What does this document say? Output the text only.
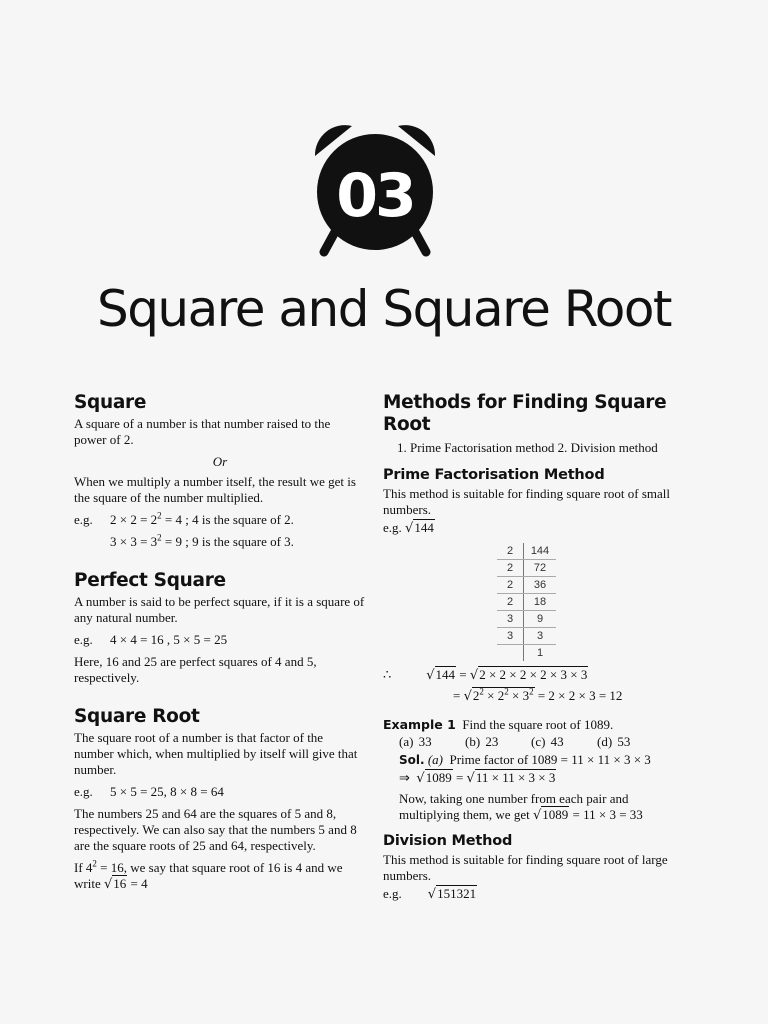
03
Square and Square Root
Square

A square of a number is that number raised to the power of 2.

Or

When we multiply a number itself, the result we get is the square of the number multiplied.

e.g.	$2 \times 2 = 2^2 = 4$ ; 4 is the square of 2.

$3 \times 3 = 3^2 = 9$ ; 9 is the square of 3.

Perfect Square

A number is said to be perfect square, if it is a square of any natural number.

e.g.	4 × 4 = 16 , 5 × 5 = 25

Here, 16 and 25 are perfect squares of 4 and 5, respectively.

Square Root

The square root of a number is that factor of the number which, when multiplied by itself will give that number.

e.g.	5 × 5 = 25, 8 × 8 = 64

The numbers 25 and 64 are the squares of 5 and 8, respectively. We can also say that the numbers 5 and 8 are the square roots of 25 and 64, respectively.

If $4^2 = 16$, we say that square root of 16 is 4 and we write √16 = 4

Methods for Finding Square Root

1. Prime Factorisation method 2. Division method

Prime Factorisation Method

This method is suitable for finding square root of small numbers.

e.g. √144

2	144
2	72
2	36
2	18
3	9
3	3
	1
∴	√144 = √2 × 2 × 2 × 2 × 3 × 3
= $√2^2 \times 2^2 \times 3^2 = 2 \times 2 \times 3 = 12$

Example 1 Find the square root of 1089.

(a) 33	(b) 23	(c) 43	(d) 53

Sol. (a) Prime factor of 1089 = 11 × 11 × 3 × 3

⇒ √1089 = √11 × 11 × 3 × 3

Now, taking one number from each pair and multiplying them, we get √1089 = 11 × 3 = 33

Division Method

This method is suitable for finding square root of large numbers.

e.g. √151321
